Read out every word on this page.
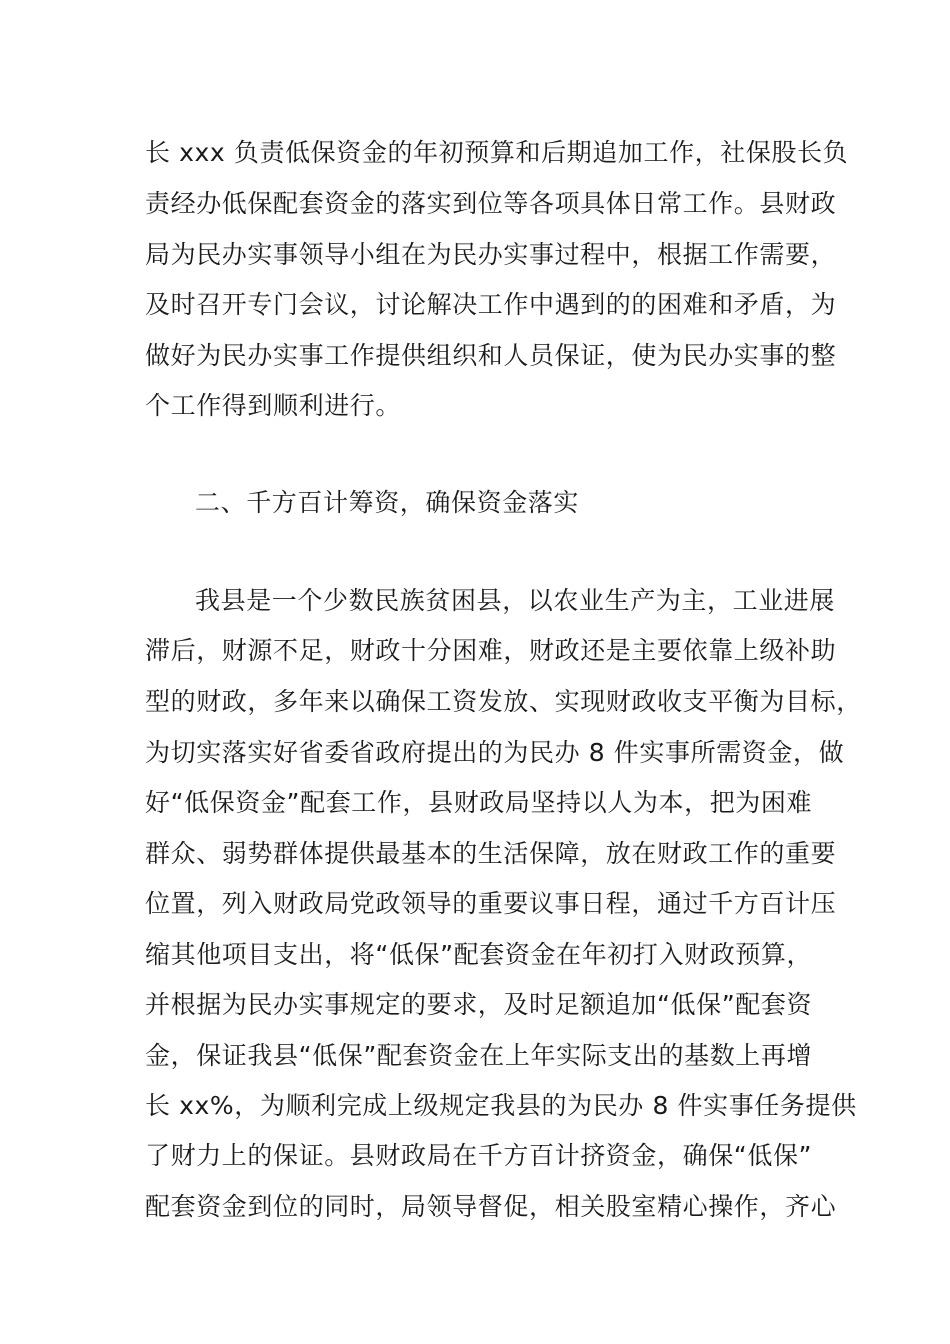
长 xxx 负责低保资金的年初预算和后期追加工作，社保股长负
责经办低保配套资金的落实到位等各项具体日常工作。县财政
局为民办实事领导小组在为民办实事过程中，根据工作需要，
及时召开专门会议，讨论解决工作中遇到的的困难和矛盾，为
做好为民办实事工作提供组织和人员保证，使为民办实事的整
个工作得到顺利进行。
二、千方百计筹资，确保资金落实
我县是一个少数民族贫困县，以农业生产为主，工业进展
滞后，财源不足，财政十分困难，财政还是主要依靠上级补助
型的财政，多年来以确保工资发放、实现财政收支平衡为目标，
为切实落实好省委省政府提出的为民办 8 件实事所需资金，做
好“低保资金”配套工作，县财政局坚持以人为本，把为困难
群众、弱势群体提供最基本的生活保障，放在财政工作的重要
位置，列入财政局党政领导的重要议事日程，通过千方百计压
缩其他项目支出，将“低保”配套资金在年初打入财政预算，
并根据为民办实事规定的要求，及时足额追加“低保”配套资
金，保证我县“低保”配套资金在上年实际支出的基数上再增
长 xx%，为顺利完成上级规定我县的为民办 8 件实事任务提供
了财力上的保证。县财政局在千方百计挤资金，确保“低保”
配套资金到位的同时，局领导督促，相关股室精心操作，齐心
